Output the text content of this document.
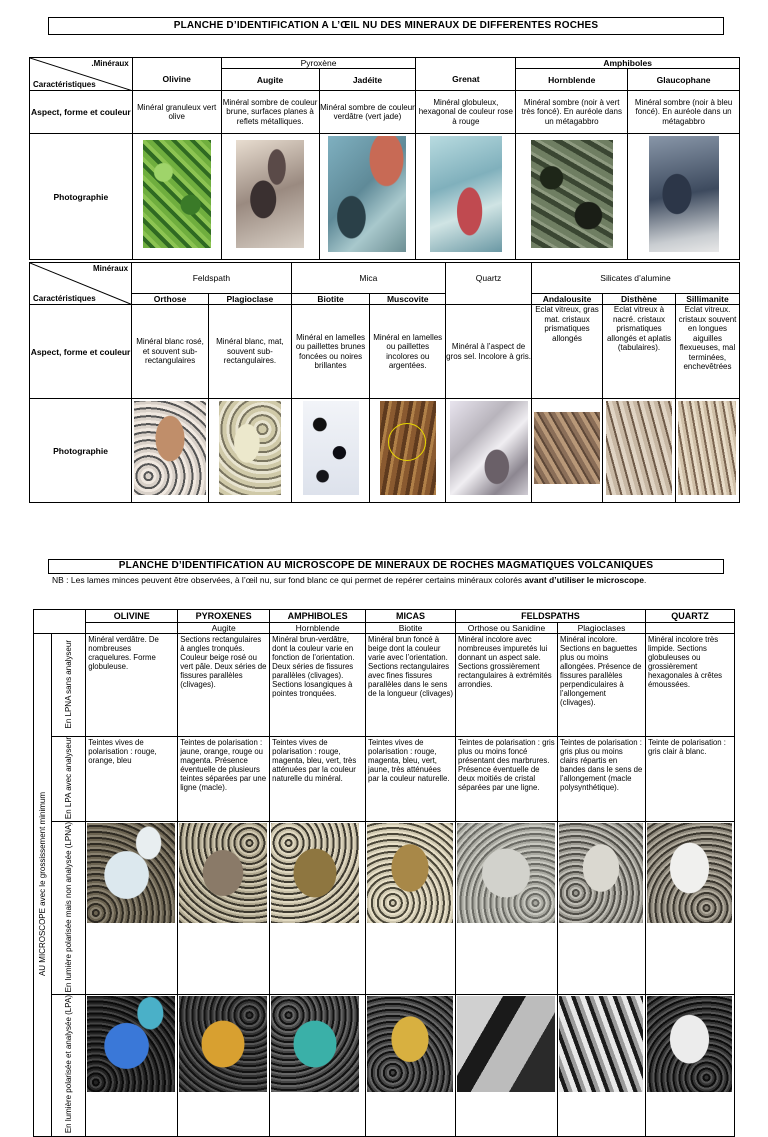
PLANCHE D’IDENTIFICATION A L’ŒIL NU DES MINERAUX DE DIFFERENTES ROCHES
.Minéraux
Caractéristiques		Pyroxène			Amphiboles	
	Olivine	Augite	Jadéite	Grenat	Hornblende	Glaucophane
Aspect, forme et couleur	Minéral granuleux vert olive	Minéral sombre de couleur brune, surfaces planes à reflets métalliques.	Minéral sombre de couleur verdâtre (vert jade)	Minéral globuleux, hexagonal de couleur rose à rouge	Minéral sombre (noir à vert très foncé). En auréole dans un métagabbro	Minéral sombre (noir à bleu foncé). En auréole dans un métagabbro
Photographie						
Minéraux
Caractéristiques	Feldspath		Mica		Quartz	Silicates d’alumine		
	Orthose	Plagioclase	Biotite	Muscovite		Andalousite	Disthène	Sillimanite
Aspect, forme et couleur	Minéral blanc rosé, et souvent sub-rectangulaires	Minéral blanc, mat, souvent sub-rectangulaires.	Minéral en lamelles ou paillettes brunes foncées ou noires brillantes	Minéral en lamelles ou paillettes incolores ou argentées.	Minéral à l’aspect de gros sel. Incolore à gris.	Eclat vitreux, gras mat. cristaux prismatiques allongés	Eclat vitreux à nacré. cristaux prismatiques allongés et aplatis (tabulaires).	Eclat vitreux. cristaux souvent en longues aiguilles flexueuses, mal terminées, enchevêtrées
Photographie				

PLANCHE D’IDENTIFICATION AU MICROSCOPE DE MINERAUX DE ROCHES MAGMATIQUES VOLCANIQUES
NB : Les lames minces peuvent être observées, à l’œil nu, sur fond blanc ce qui permet de repérer certains minéraux colorés avant d’utiliser le microscope.
		OLIVINE	PYROXENES	AMPHIBOLES	MICAS	FELDSPATHS		QUARTZ
			Augite	Hornblende	Biotite	Orthose ou Sanidine	Plagioclases	
AU MICROSCOPE avec le grossissement minimum	En LPNA sans analyseur	Minéral verdâtre. De nombreuses craquelures. Forme globuleuse.	Sections rectangulaires à angles tronqués. Couleur beige rosé ou vert pâle. Deux séries de fissures parallèles (clivages).	Minéral brun-verdâtre, dont la couleur varie en fonction de l’orientation. Deux séries de fissures parallèles (clivages). Sections losangiques à pointes tronquées.	Minéral brun foncé à beige dont la couleur varie avec l’orientation. Sections rectangulaires avec fines fissures parallèles dans le sens de la longueur (clivages)	Minéral incolore avec nombreuses impuretés lui donnant un aspect sale. Sections grossièrement rectangulaires à extrémités arrondies.	Minéral incolore. Sections en baguettes plus ou moins allongées. Présence de fissures parallèles perpendiculaires à l’allongement (clivages).	Minéral incolore très limpide. Sections globuleuses ou grossièrement hexagonales à crêtes émoussées.
	En LPA avec analyseur	Teintes vives de polarisation : rouge, orange, bleu	Teintes de polarisation : jaune, orange, rouge ou magenta. Présence éventuelle de plusieurs teintes séparées par une ligne (macle).	Teintes vives de polarisation : rouge, magenta, bleu, vert, très atténuées par la couleur naturelle du minéral.	Teintes vives de polarisation : rouge, magenta, bleu, vert, jaune, très atténuées par la couleur naturelle.	Teintes de polarisation : gris plus ou moins foncé présentant des marbrures. Présence éventuelle de deux moitiés de cristal séparées par une ligne.	Teintes de polarisation : gris plus ou moins clairs répartis en bandes dans le sens de l’allongement (macle polysynthétique).	Teinte de polarisation : gris clair à blanc.
	En lumière polarisée mais non analysée (LPNA)	

	En lumière polarisée et analysée (LPA)	
